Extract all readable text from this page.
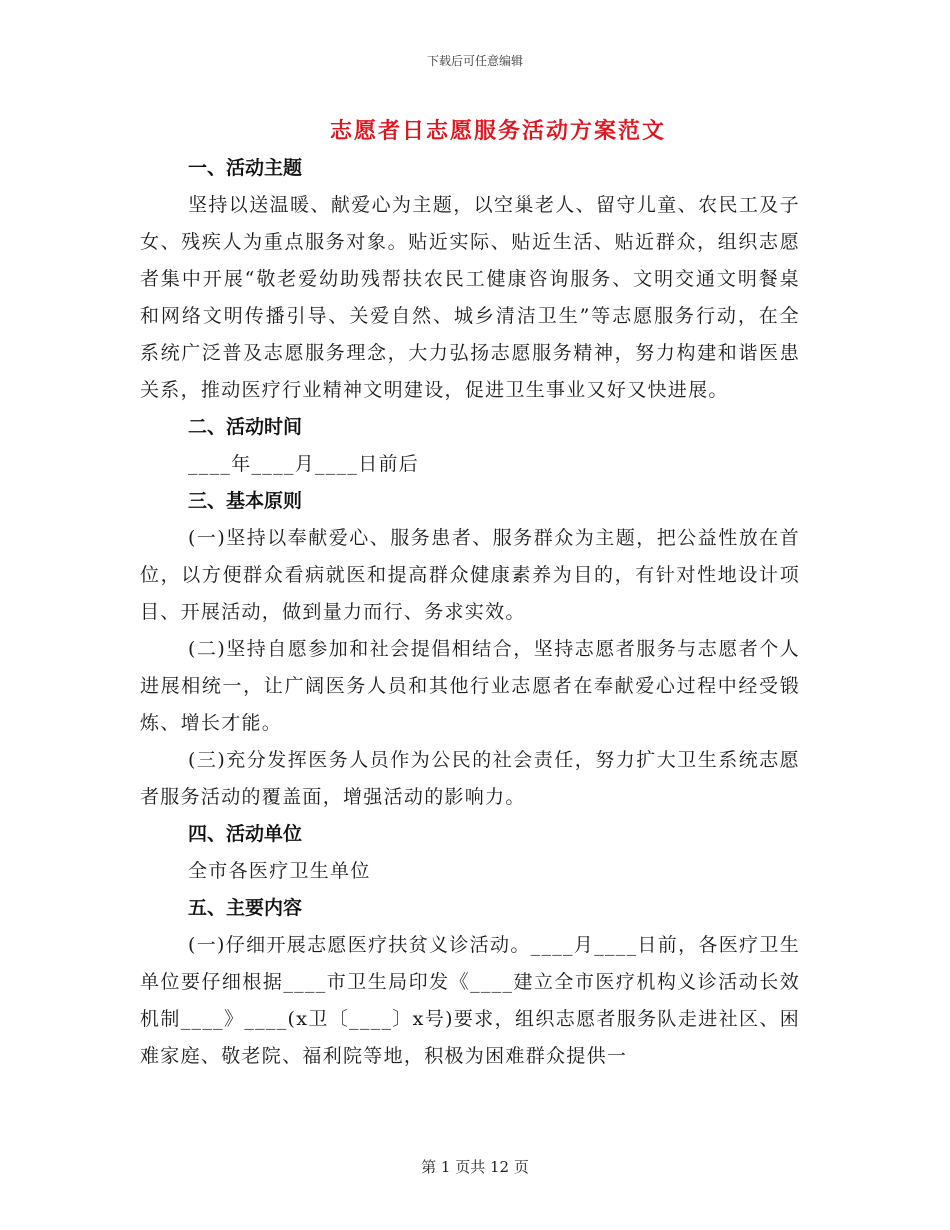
下载后可任意编辑
志愿者日志愿服务活动方案范文
一、活动主题

坚持以送温暖、献爱心为主题，以空巢老人、留守儿童、农民工及子女、残疾人为重点服务对象。贴近实际、贴近生活、贴近群众，组织志愿者集中开展“敬老爱幼助残帮扶农民工健康咨询服务、文明交通文明餐桌和网络文明传播引导、关爱自然、城乡清洁卫生”等志愿服务行动，在全系统广泛普及志愿服务理念，大力弘扬志愿服务精神，努力构建和谐医患关系，推动医疗行业精神文明建设，促进卫生事业又好又快进展。

二、活动时间

____年____月____日前后

三、基本原则

(一)坚持以奉献爱心、服务患者、服务群众为主题，把公益性放在首位，以方便群众看病就医和提高群众健康素养为目的，有针对性地设计项目、开展活动，做到量力而行、务求实效。

(二)坚持自愿参加和社会提倡相结合，坚持志愿者服务与志愿者个人进展相统一，让广阔医务人员和其他行业志愿者在奉献爱心过程中经受锻炼、增长才能。

(三)充分发挥医务人员作为公民的社会责任，努力扩大卫生系统志愿者服务活动的覆盖面，增强活动的影响力。

四、活动单位

全市各医疗卫生单位

五、主要内容

(一)仔细开展志愿医疗扶贫义诊活动。____月____日前，各医疗卫生单位要仔细根据____市卫生局印发《____建立全市医疗机构义诊活动长效机制____》____(x卫〔____〕x号)要求，组织志愿者服务队走进社区、困难家庭、敬老院、福利院等地，积极为困难群众提供一

第 1 页共 12 页
